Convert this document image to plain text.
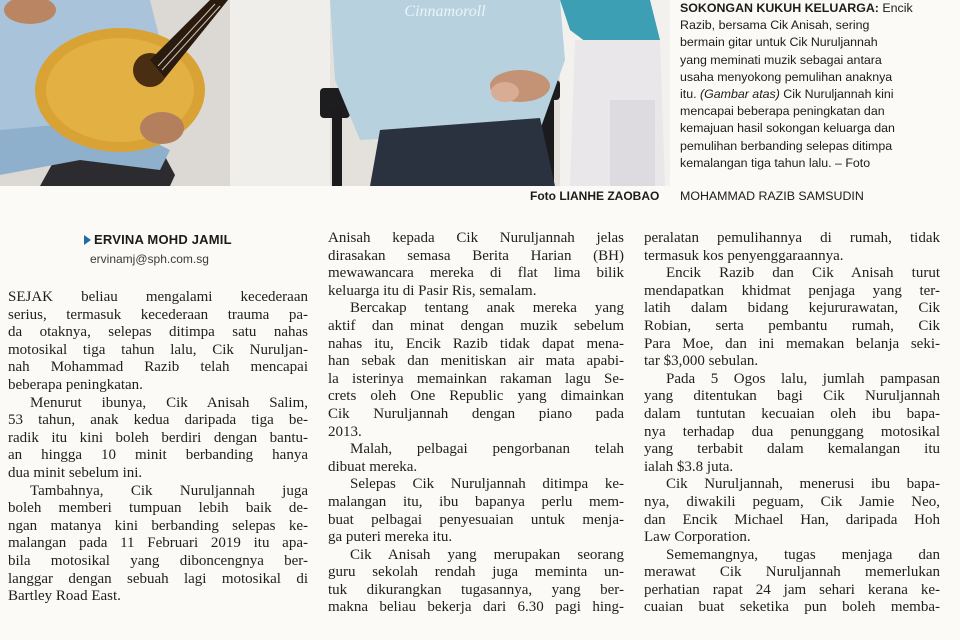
Cinnamoroll	SOKONGAN KUKUH KELUARGA: Encik
Razib, bersama Cik Anisah, sering
bermain gitar untuk Cik Nuruljannah
yang meminati muzik sebagai antara
usaha menyokong pemulihan anaknya
itu. (Gambar atas) Cik Nuruljannah kini
mencapai beberapa peningkatan dan
kemajuan hasil sokongan keluarga dan
pemulihan berbanding selepas ditimpa
kemalangan tiga tahun lalu. – Foto
Foto LIANHE ZAOBAO MOHAMMAD RAZIB SAMSUDIN
ERVINA MOHD JAMIL
ervinamj@sph.com.sg
SEJAK beliau mengalami kecederaan
serius, termasuk kecederaan trauma pa-
da otaknya, selepas ditimpa satu nahas
motosikal tiga tahun lalu, Cik Nuruljan-
nah Mohammad Razib telah mencapai
beberapa peningkatan.
Menurut ibunya, Cik Anisah Salim,
53 tahun, anak kedua daripada tiga be-
radik itu kini boleh berdiri dengan bantu-
an hingga 10 minit berbanding hanya
dua minit sebelum ini.
Tambahnya, Cik Nuruljannah juga
boleh memberi tumpuan lebih baik de-
ngan matanya kini berbanding selepas ke-
malangan pada 11 Februari 2019 itu apa-
bila motosikal yang diboncengnya ber-
langgar dengan sebuah lagi motosikal di
Bartley Road East.
Anisah kepada Cik Nuruljannah jelas
dirasakan semasa Berita Harian (BH)
mewawancara mereka di flat lima bilik
keluarga itu di Pasir Ris, semalam.
Bercakap tentang anak mereka yang
aktif dan minat dengan muzik sebelum
nahas itu, Encik Razib tidak dapat mena-
han sebak dan menitiskan air mata apabi-
la isterinya memainkan rakaman lagu Se-
crets oleh One Republic yang dimainkan
Cik Nuruljannah dengan piano pada
2013.
Malah, pelbagai pengorbanan telah
dibuat mereka.
Selepas Cik Nuruljannah ditimpa ke-
malangan itu, ibu bapanya perlu mem-
buat pelbagai penyesuaian untuk menja-
ga puteri mereka itu.
Cik Anisah yang merupakan seorang
guru sekolah rendah juga meminta un-
tuk dikurangkan tugasannya, yang ber-
makna beliau bekerja dari 6.30 pagi hing-
peralatan pemulihannya di rumah, tidak
termasuk kos penyenggaraannya.
Encik Razib dan Cik Anisah turut
mendapatkan khidmat penjaga yang ter-
latih dalam bidang kejururawatan, Cik
Robian, serta pembantu rumah, Cik
Para Moe, dan ini memakan belanja seki-
tar $3,000 sebulan.
Pada 5 Ogos lalu, jumlah pampasan
yang ditentukan bagi Cik Nuruljannah
dalam tuntutan kecuaian oleh ibu bapa-
nya terhadap dua penunggang motosikal
yang terbabit dalam kemalangan itu
ialah $3.8 juta.
Cik Nuruljannah, menerusi ibu bapa-
nya, diwakili peguam, Cik Jamie Neo,
dan Encik Michael Han, daripada Hoh
Law Corporation.
Sememangnya, tugas menjaga dan
merawat Cik Nuruljannah memerlukan
perhatian rapat 24 jam sehari kerana ke-
cuaian buat seketika pun boleh memba-
